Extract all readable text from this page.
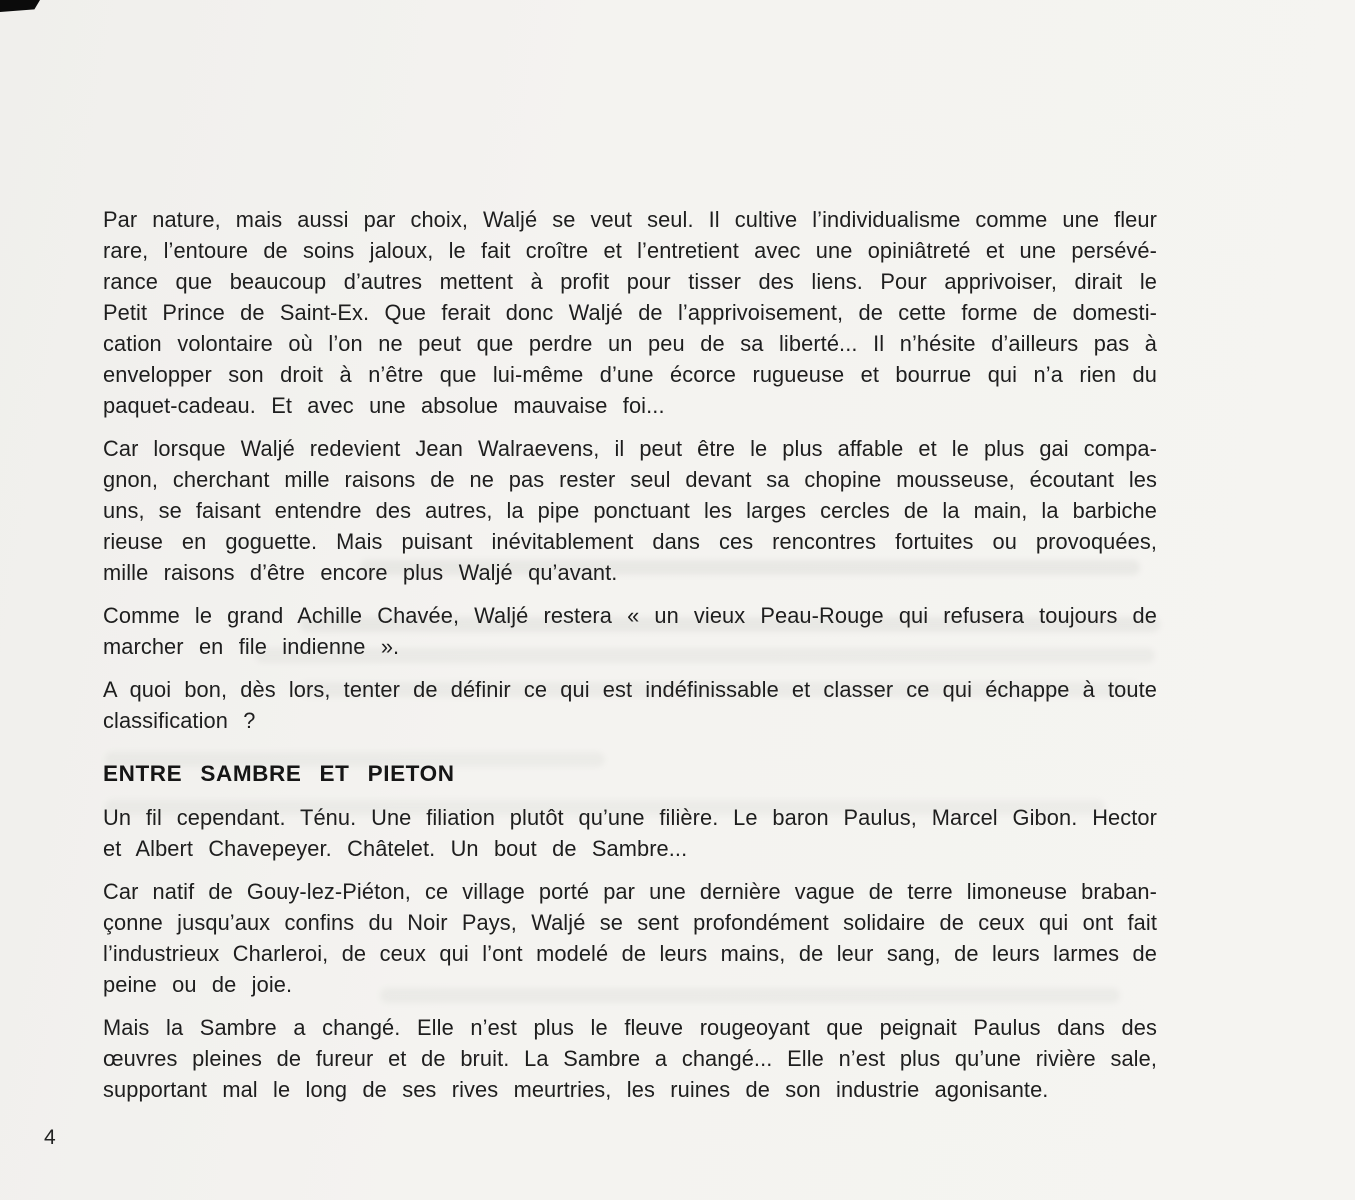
Par nature, mais aussi par choix, Waljé se veut seul. Il cultive l’individualisme comme une fleur
rare, l’entoure de soins jaloux, le fait croître et l’entretient avec une opiniâtreté et une persévé-
rance que beaucoup d’autres mettent à profit pour tisser des liens. Pour apprivoiser, dirait le
Petit Prince de Saint-Ex. Que ferait donc Waljé de l’apprivoisement, de cette forme de domesti-
cation volontaire où l’on ne peut que perdre un peu de sa liberté... Il n’hésite d’ailleurs pas à
envelopper son droit à n’être que lui-même d’une écorce rugueuse et bourrue qui n’a rien du
paquet-cadeau. Et avec une absolue mauvaise foi...
Car lorsque Waljé redevient Jean Walraevens, il peut être le plus affable et le plus gai compa-
gnon, cherchant mille raisons de ne pas rester seul devant sa chopine mousseuse, écoutant les
uns, se faisant entendre des autres, la pipe ponctuant les larges cercles de la main, la barbiche
rieuse en goguette. Mais puisant inévitablement dans ces rencontres fortuites ou provoquées,
mille raisons d’être encore plus Waljé qu’avant.
Comme le grand Achille Chavée, Waljé restera « un vieux Peau-Rouge qui refusera toujours de
marcher en file indienne ».
A quoi bon, dès lors, tenter de définir ce qui est indéfinissable et classer ce qui échappe à toute
classification ?
ENTRE SAMBRE ET PIETON
Un fil cependant. Ténu. Une filiation plutôt qu’une filière. Le baron Paulus, Marcel Gibon. Hector
et Albert Chavepeyer. Châtelet. Un bout de Sambre...
Car natif de Gouy-lez-Piéton, ce village porté par une dernière vague de terre limoneuse braban-
çonne jusqu’aux confins du Noir Pays, Waljé se sent profondément solidaire de ceux qui ont fait
l’industrieux Charleroi, de ceux qui l’ont modelé de leurs mains, de leur sang, de leurs larmes de
peine ou de joie.
Mais la Sambre a changé. Elle n’est plus le fleuve rougeoyant que peignait Paulus dans des
œuvres pleines de fureur et de bruit. La Sambre a changé... Elle n’est plus qu’une rivière sale,
supportant mal le long de ses rives meurtries, les ruines de son industrie agonisante.
4
